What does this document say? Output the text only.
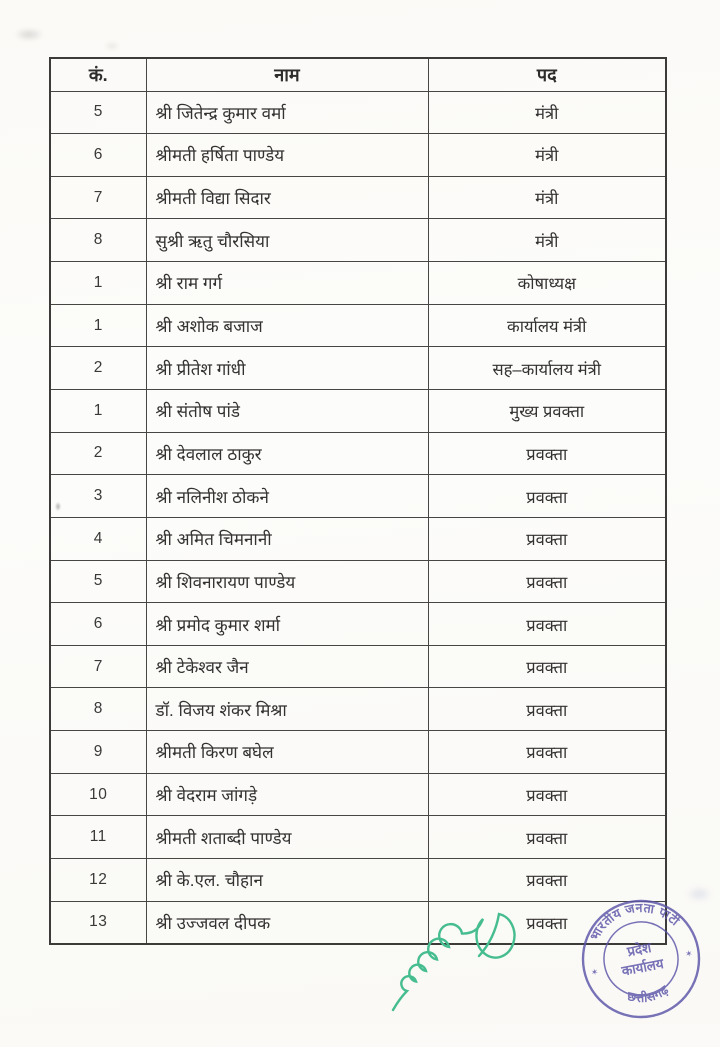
कं.	नाम	पद
5	श्री जितेन्द्र कुमार वर्मा	मंत्री
6	श्रीमती हर्षिता पाण्डेय	मंत्री
7	श्रीमती विद्या सिदार	मंत्री
8	सुश्री ऋतु चौरसिया	मंत्री
1	श्री राम गर्ग	कोषाध्यक्ष
1	श्री अशोक बजाज	कार्यालय मंत्री
2	श्री प्रीतेश गांधी	सह–कार्यालय मंत्री
1	श्री संतोष पांडे	मुख्य प्रवक्ता
2	श्री देवलाल ठाकुर	प्रवक्ता
3	श्री नलिनीश ठोकने	प्रवक्ता
4	श्री अमित चिमनानी	प्रवक्ता
5	श्री शिवनारायण पाण्डेय	प्रवक्ता
6	श्री प्रमोद कुमार शर्मा	प्रवक्ता
7	श्री टेकेश्वर जैन	प्रवक्ता
8	डॉ. विजय शंकर मिश्रा	प्रवक्ता
9	श्रीमती किरण बघेल	प्रवक्ता
10	श्री वेदराम जांगड़े	प्रवक्ता
11	श्रीमती शताब्दी पाण्डेय	प्रवक्ता
12	श्री के.एल. चौहान	प्रवक्ता
13	श्री उज्जवल दीपक	प्रवक्ता
भारतीय जनता पार्टी
प्रदेश
कार्यालय
छत्तीसगढ़
✶
✶
